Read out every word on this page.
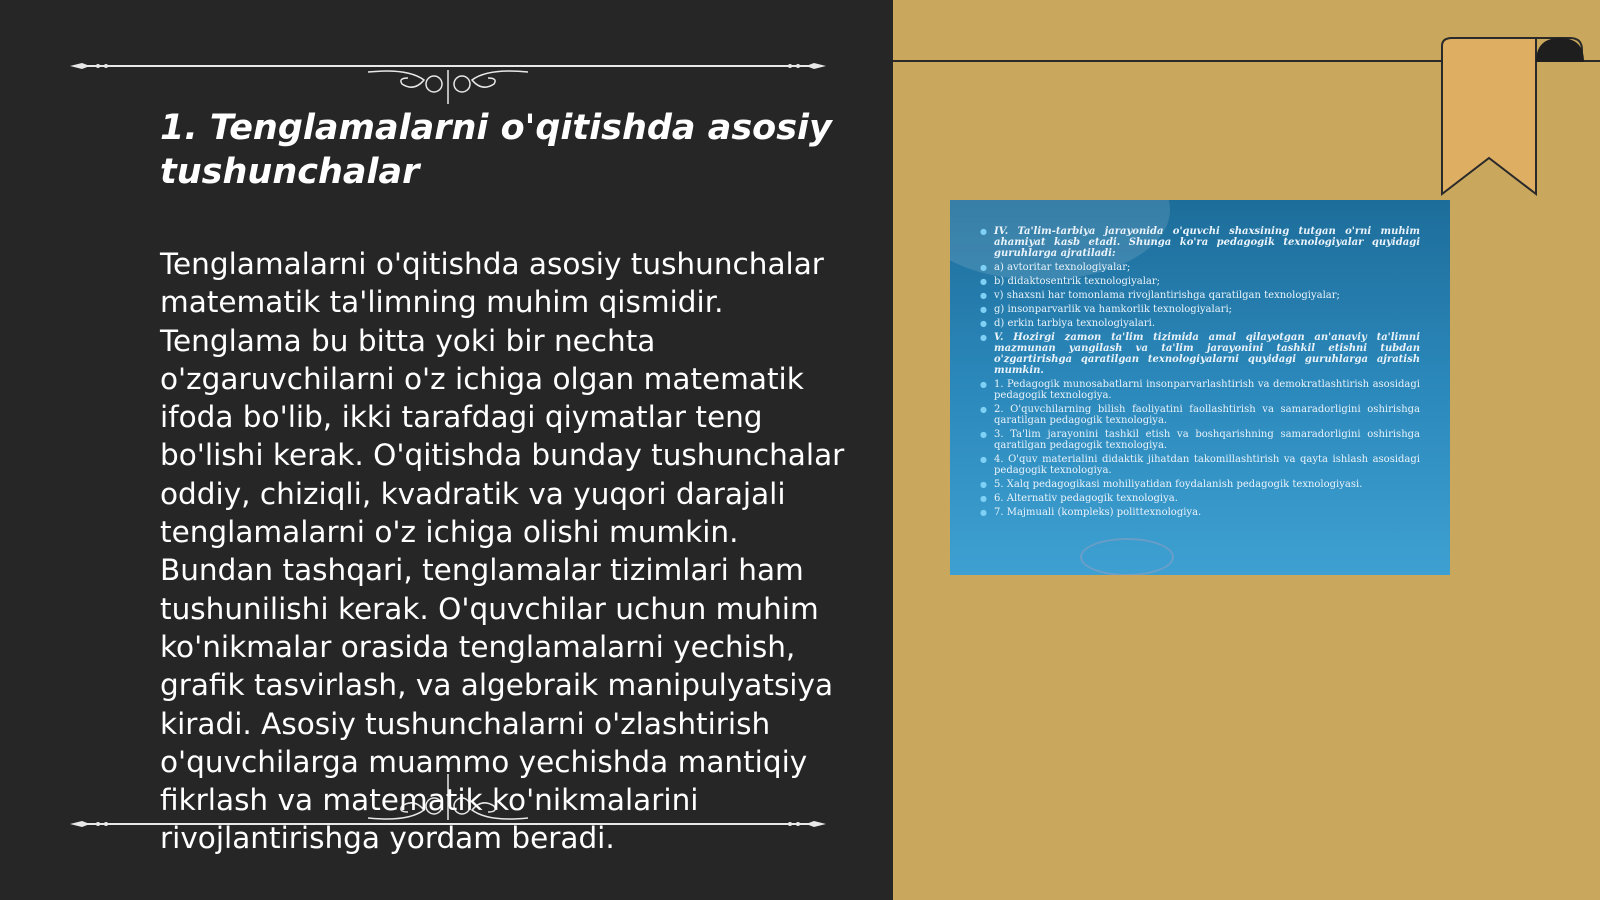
1. Tenglamalarni o'qitishda asosiy tushunchalar

Tenglamalarni o'qitishda asosiy tushunchalar matematik ta'limning muhim qismidir. Tenglama bu bitta yoki bir nechta o'zgaruvchilarni o'z ichiga olgan matematik ifoda bo'lib, ikki tarafdagi qiymatlar teng bo'lishi kerak. O'qitishda bunday tushunchalar oddiy, chiziqli, kvadratik va yuqori darajali tenglamalarni o'z ichiga olishi mumkin. Bundan tashqari, tenglamalar tizimlari ham tushunilishi kerak. O'quvchilar uchun muhim ko'nikmalar orasida tenglamalarni yechish, grafik tasvirlash, va algebraik manipulyatsiya kiradi. Asosiy tushunchalarni o'zlashtirish o'quvchilarga muammo yechishda mantiqiy fikrlash va matematik ko'nikmalarini rivojlantirishga yordam beradi.

● IV. Ta'lim-tarbiya jarayonida o'quvchi shaxsining tutgan o'rni muhim ahamiyat kasb etadi. Shunga ko'ra pedagogik texnologiyalar quyidagi guruhlarga ajratiladi:
● a) avtoritar texnologiyalar;
● b) didaktosentrik texnologiyalar;
● v) shaxsni har tomonlama rivojlantirishga qaratilgan texnologiyalar;
● g) insonparvarlik va hamkorlik texnologiyalari;
● d) erkin tarbiya texnologiyalari.
● V. Hozirgi zamon ta'lim tizimida amal qilayotgan an'anaviy ta'limni mazmunan yangilash va ta'lim jarayonini tashkil etishni tubdan o'zgartirishga qaratilgan texnologiyalarni quyidagi guruhlarga ajratish mumkin.
● 1. Pedagogik munosabatlarni insonparvarlashtirish va demokratlashtirish asosidagi pedagogik texnologiya.
● 2. O'quvchilarning bilish faoliyatini faollashtirish va samaradorligini oshirishga qaratilgan pedagogik texnologiya.
● 3. Ta'lim jarayonini tashkil etish va boshqarishning samaradorligini oshirishga qaratilgan pedagogik texnologiya.
● 4. O'quv materialini didaktik jihatdan takomillashtirish va qayta ishlash asosidagi pedagogik texnologiya.
● 5. Xalq pedagogikasi mohiliyatidan foydalanish pedagogik texnologiyasi.
● 6. Alternativ pedagogik texnologiya.
● 7. Majmuali (kompleks) polittexnologiya.
